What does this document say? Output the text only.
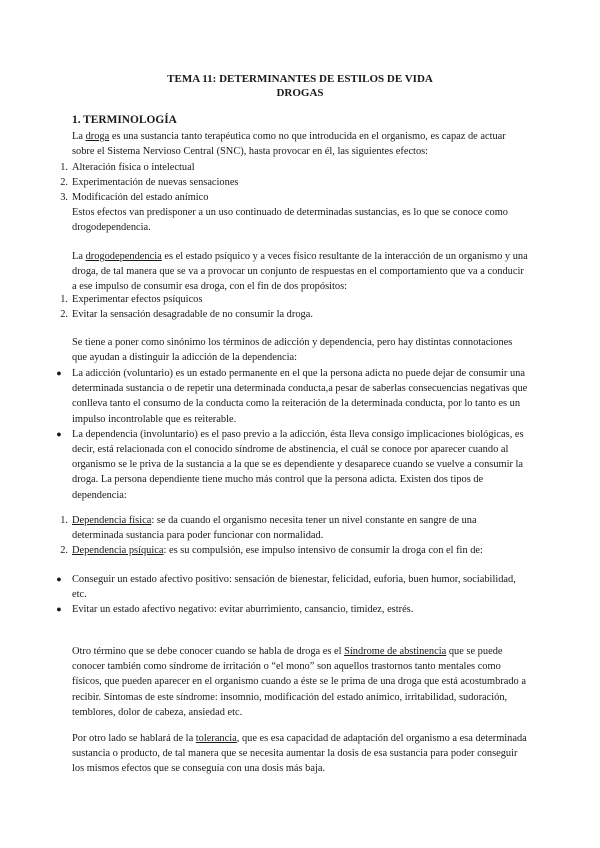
TEMA 11: DETERMINANTES DE ESTILOS DE VIDA
DROGAS
1. TERMINOLOGÍA
La droga es una sustancia tanto terapéutica como no que introducida en el organismo, es capaz de actuar sobre el Sistema Nervioso Central (SNC), hasta provocar en él, las siguientes efectos:
1. Alteración física o intelectual
2. Experimentación de nuevas sensaciones
3. Modificación del estado anímico
Estos efectos van predisponer a un uso continuado de determinadas sustancias, es lo que se conoce como drogodependencia.
La drogodependencia es el estado psíquico y a veces físico resultante de la interacción de un organismo y una droga, de tal manera que se va a provocar un conjunto de respuestas en el comportamiento que va a conducir a ese impulso de consumir esa droga, con el fin de dos propósitos:
1. Experimentar efectos psíquicos
2. Evitar la sensación desagradable de no consumir la droga.
Se tiene a poner como sinónimo los términos de adicción y dependencia, pero hay distintas connotaciones que ayudan a distinguir la adicción de la dependencia:
● La adicción (voluntario) es un estado permanente en el que la persona adicta no puede dejar de consumir una determinada sustancia o de repetir una determinada conducta,a pesar de saberlas consecuencias negativas que conlleva tanto el consumo de la conducta como la reiteración de la determinada conducta, por lo tanto es un impulso incontrolable que es reiterable.
● La dependencia (involuntario) es el paso previo a la adicción, ésta lleva consigo implicaciones biológicas, es decir, está relacionada con el conocido síndrome de abstinencia, el cuál se conoce por aparecer cuando al organismo se le priva de la sustancia a la que se es dependiente y desaparece cuando se vuelve a consumir la droga. La persona dependiente tiene mucho más control que la persona adicta. Existen dos tipos de dependencia:
1. Dependencia física: se da cuando el organismo necesita tener un nivel constante en sangre de una determinada sustancia para poder funcionar con normalidad.
2. Dependencia psíquica: es su compulsión, ese impulso intensivo de consumir la droga con el fin de:
● Conseguir un estado afectivo positivo: sensación de bienestar, felicidad, euforia, buen humor, sociabilidad, etc.
● Evitar un estado afectivo negativo: evitar aburrimiento, cansancio, timidez, estrés.
Otro término que se debe conocer cuando se habla de droga es el Síndrome de abstinencia que se puede conocer también como síndrome de irritación o “el mono” son aquellos trastornos tanto mentales como físicos, que pueden aparecer en el organismo cuando a éste se le prima de una droga que está acostumbrado a recibir. Síntomas de este síndrome: insomnio, modificación del estado anímico, irritabilidad, sudoración, temblores, dolor de cabeza, ansiedad etc.
Por otro lado se hablará de la tolerancia, que es esa capacidad de adaptación del organismo a esa determinada sustancia o producto, de tal manera que se necesita aumentar la dosis de esa sustancia para poder conseguir los mismos efectos que se conseguía con una dosis más baja.
